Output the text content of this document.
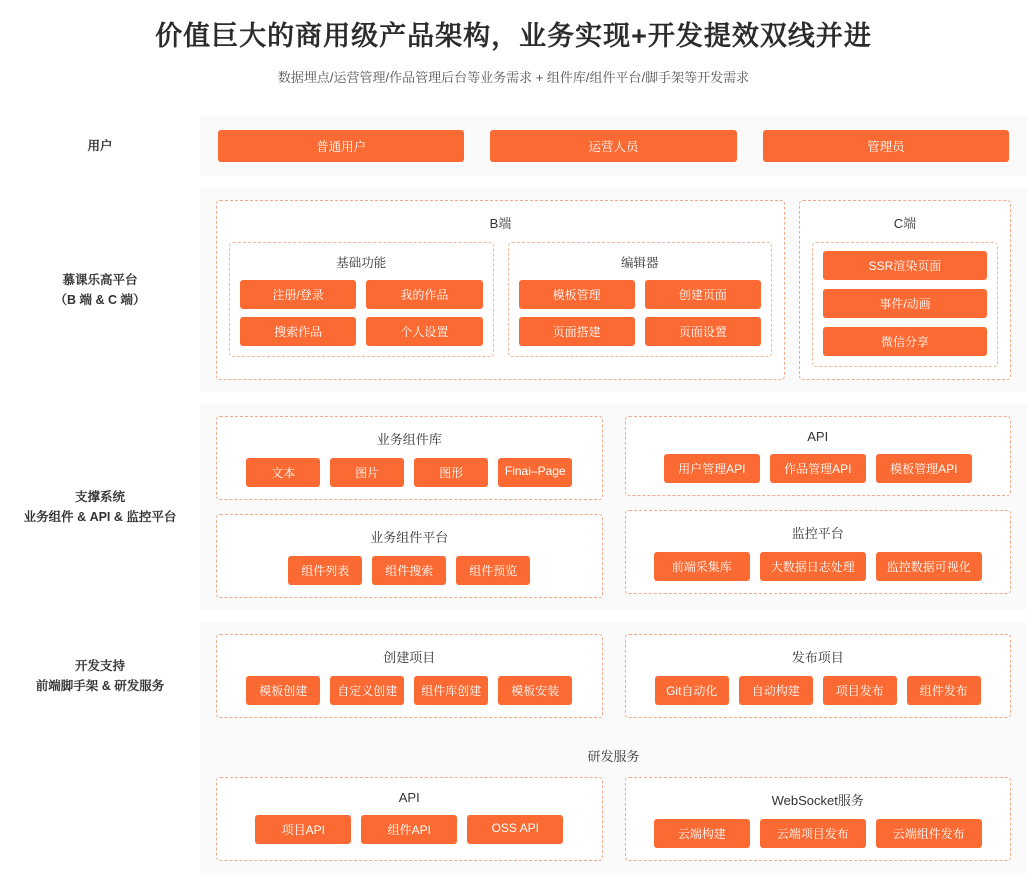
价值巨大的商用级产品架构，业务实现+开发提效双线并进
数据埋点/运营管理/作品管理后台等业务需求 + 组件库/组件平台/脚手架等开发需求
用户	普通用户	运营人员	管理员
慕课乐高平台
（B 端 & C 端）
B端
基础功能
注册/登录	我的作品
搜索作品	个人设置
编辑器
模板管理	创建页面
页面搭建	页面设置
C端
SSR渲染页面
事件/动画
微信分享
支撑系统
业务组件 & API & 监控平台
业务组件库
文本	图片	图形	Finai–Page
业务组件平台
组件列表	组件搜索	组件预览
API
用户管理API	作品管理API	模板管理API
监控平台
前端采集库	大数据日志处理	监控数据可视化
开发支持
前端脚手架 & 研发服务
创建项目
模板创建	自定义创建	组件库创建	模板安装
发布项目
Git自动化	自动构建	项目发布	组件发布
研发服务
API
项目API	组件API	OSS API
WebSocket服务
云端构建	云端项目发布	云端组件发布
